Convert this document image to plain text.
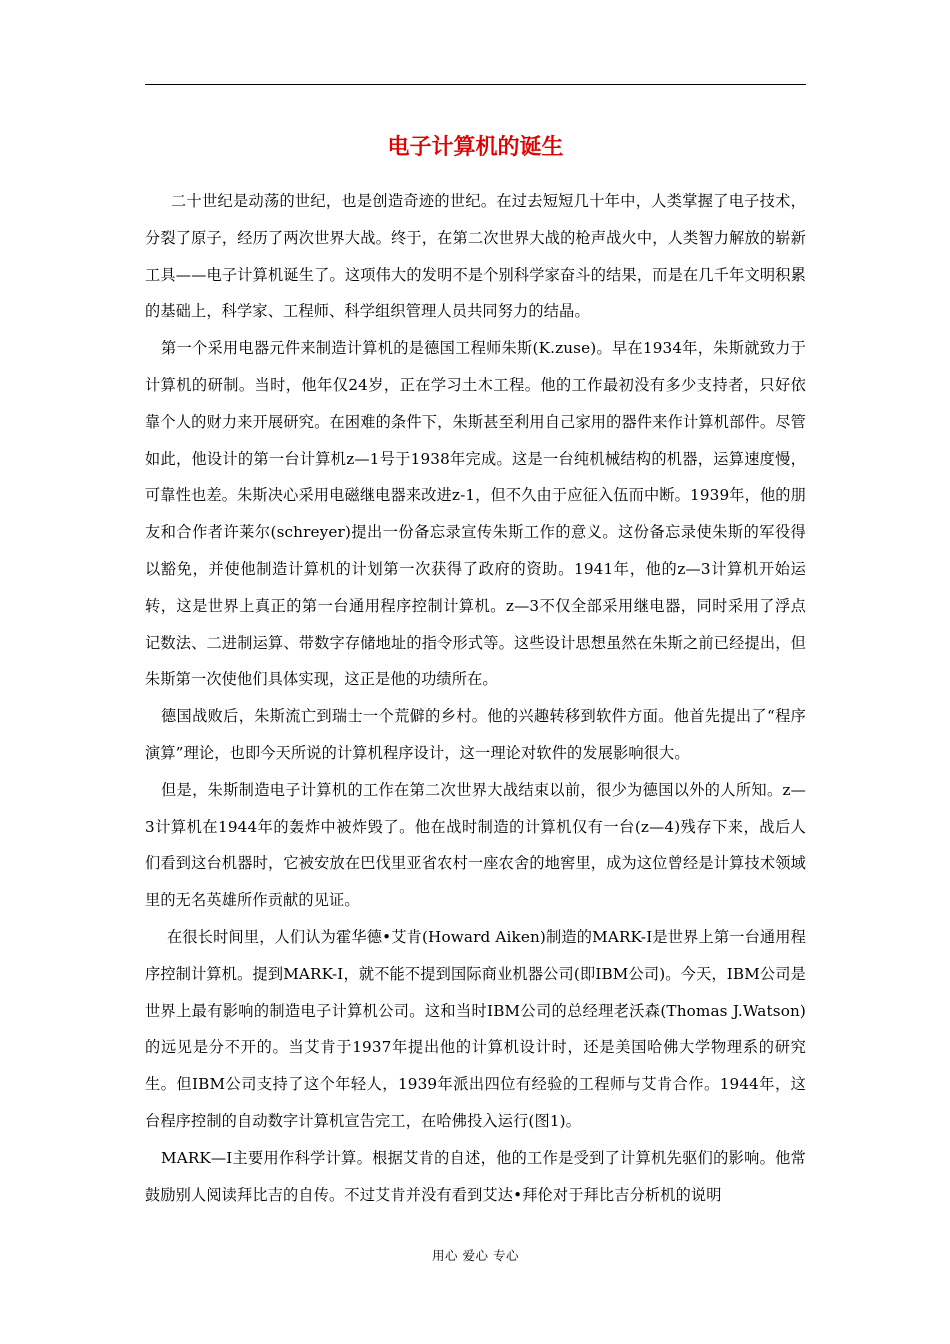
电子计算机的诞生

二十世纪是动荡的世纪，也是创造奇迹的世纪。在过去短短几十年中，人类掌握了电子技术，分裂了原子，经历了两次世界大战。终于，在第二次世界大战的枪声战火中，人类智力解放的崭新工具——电子计算机诞生了。这项伟大的发明不是个别科学家奋斗的结果，而是在几千年文明积累的基础上，科学家、工程师、科学组织管理人员共同努力的结晶。

第一个采用电器元件来制造计算机的是德国工程师朱斯(K.zuse)。早在1934年，朱斯就致力于计算机的研制。当时，他年仅24岁，正在学习土木工程。他的工作最初没有多少支持者，只好依靠个人的财力来开展研究。在困难的条件下，朱斯甚至利用自己家用的器件来作计算机部件。尽管如此，他设计的第一台计算机z—1号于1938年完成。这是一台纯机械结构的机器，运算速度慢，可靠性也差。朱斯决心采用电磁继电器来改进z-1，但不久由于应征入伍而中断。1939年，他的朋友和合作者许莱尔(schreyer)提出一份备忘录宣传朱斯工作的意义。这份备忘录使朱斯的军役得以豁免，并使他制造计算机的计划第一次获得了政府的资助。1941年，他的z—3计算机开始运转，这是世界上真正的第一台通用程序控制计算机。z—3不仅全部采用继电器，同时采用了浮点记数法、二进制运算、带数字存储地址的指令形式等。这些设计思想虽然在朱斯之前已经提出，但朱斯第一次使他们具体实现，这正是他的功绩所在。

德国战败后，朱斯流亡到瑞士一个荒僻的乡村。他的兴趣转移到软件方面。他首先提出了“程序演算”理论，也即今天所说的计算机程序设计，这一理论对软件的发展影响很大。

但是，朱斯制造电子计算机的工作在第二次世界大战结束以前，很少为德国以外的人所知。z—3计算机在1944年的轰炸中被炸毁了。他在战时制造的计算机仅有一台(z—4)残存下来，战后人们看到这台机器时，它被安放在巴伐里亚省农村一座农舍的地窖里，成为这位曾经是计算技术领域里的无名英雄所作贡献的见证。

在很长时间里，人们认为霍华德•艾肯(Howard Aiken)制造的MARK-I是世界上第一台通用程序控制计算机。提到MARK-I，就不能不提到国际商业机器公司(即IBM公司)。今天，IBM公司是世界上最有影响的制造电子计算机公司。这和当时IBM公司的总经理老沃森(Thomas J.Watson)的远见是分不开的。当艾肯于1937年提出他的计算机设计时，还是美国哈佛大学物理系的研究生。但IBM公司支持了这个年轻人，1939年派出四位有经验的工程师与艾肯合作。1944年，这台程序控制的自动数字计算机宣告完工，在哈佛投入运行(图1)。

MARK—I主要用作科学计算。根据艾肯的自述，他的工作是受到了计算机先驱们的影响。他常鼓励别人阅读拜比吉的自传。不过艾肯并没有看到艾达•拜伦对于拜比吉分析机的说明

用心 爱心 专心
